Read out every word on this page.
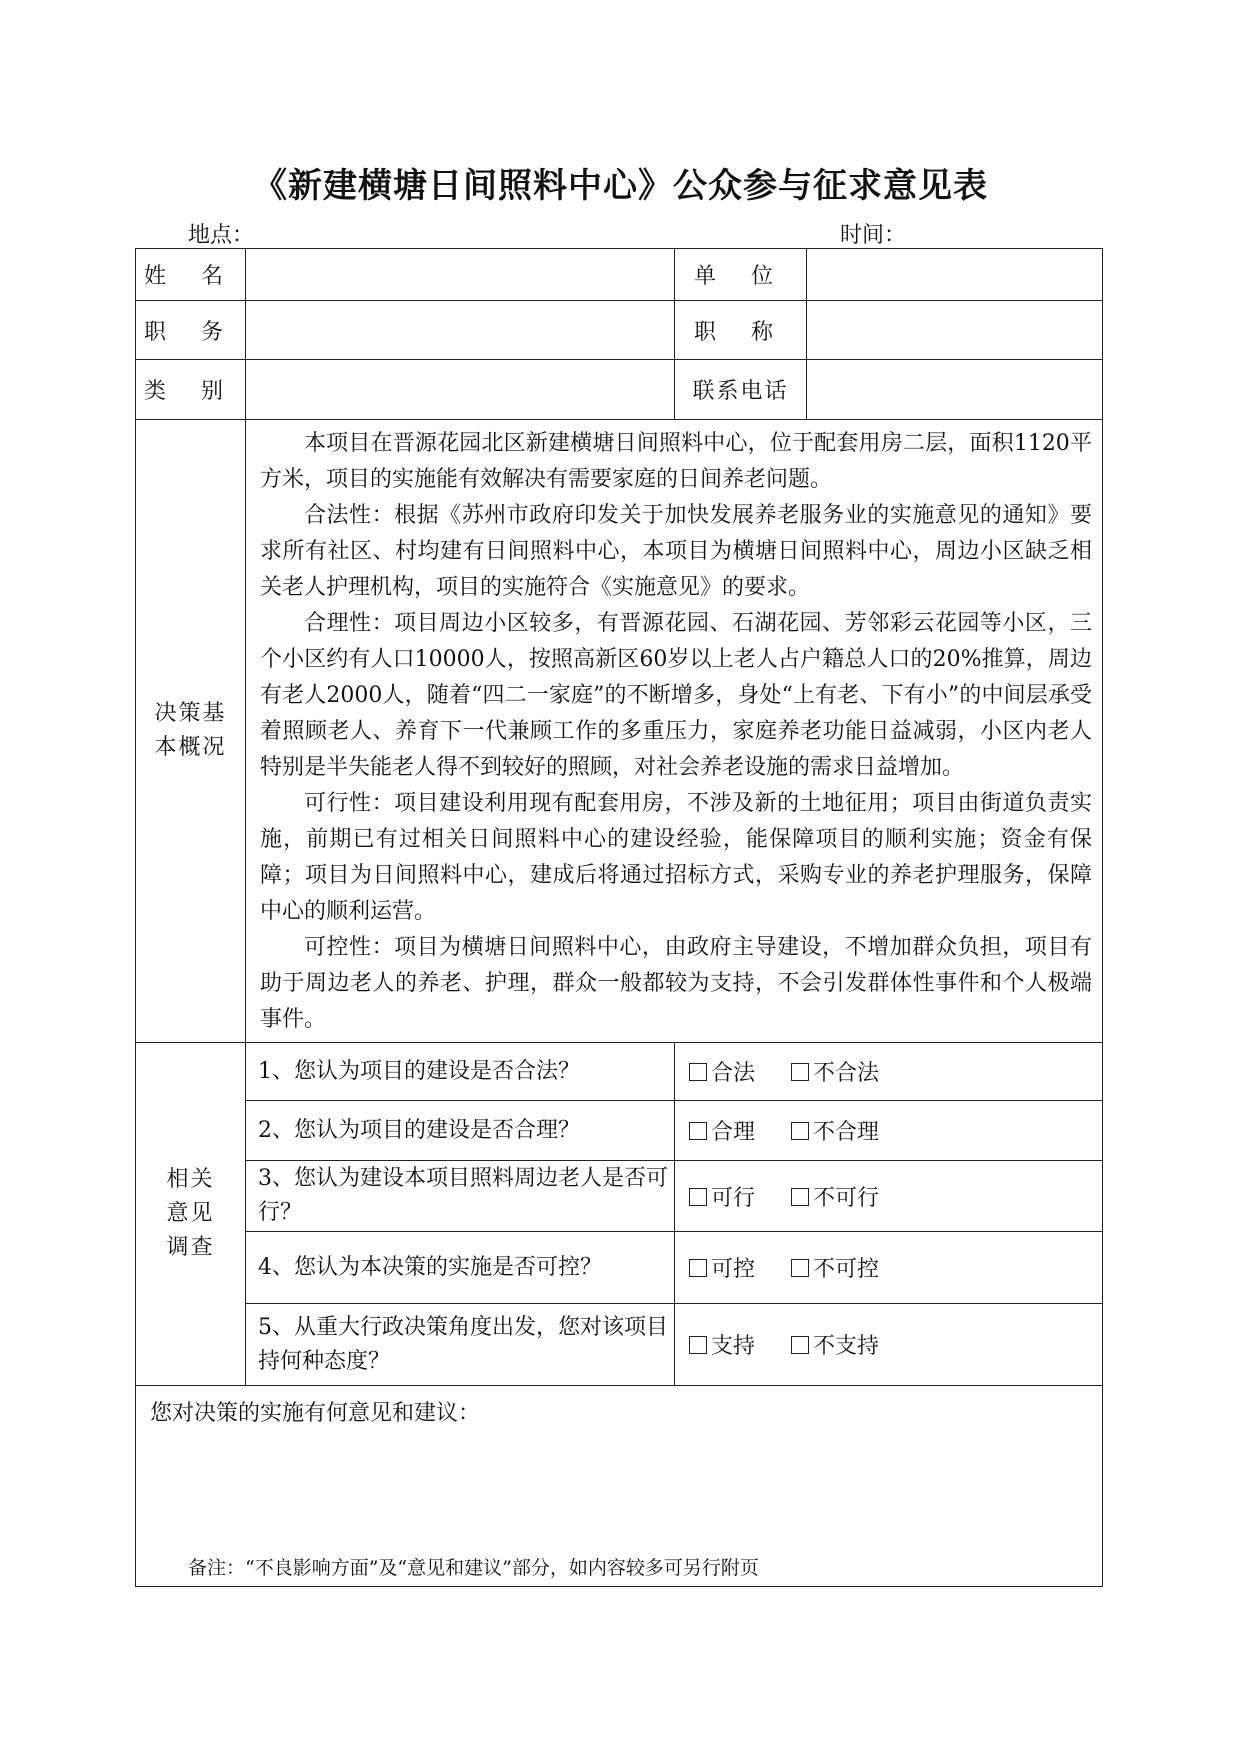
《新建横塘日间照料中心》公众参与征求意见表
地点：	时间：
姓 名		单 位	
职 务		职 称	
类 别		联系电话	
决策基本概况	本项目在晋源花园北区新建横塘日间照料中心，位于配套用房二层，面积1120平方米，项目的实施能有效解决有需要家庭的日间养老问题。

合法性：根据《苏州市政府印发关于加快发展养老服务业的实施意见的通知》要求所有社区、村均建有日间照料中心，本项目为横塘日间照料中心，周边小区缺乏相关老人护理机构，项目的实施符合《实施意见》的要求。

合理性：项目周边小区较多，有晋源花园、石湖花园、芳邻彩云花园等小区，三个小区约有人口10000人，按照高新区60岁以上老人占户籍总人口的20%推算，周边有老人2000人，随着“四二一家庭”的不断增多，身处“上有老、下有小”的中间层承受着照顾老人、养育下一代兼顾工作的多重压力，家庭养老功能日益减弱，小区内老人特别是半失能老人得不到较好的照顾，对社会养老设施的需求日益增加。

可行性：项目建设利用现有配套用房，不涉及新的土地征用；项目由街道负责实施，前期已有过相关日间照料中心的建设经验，能保障项目的顺利实施；资金有保障；项目为日间照料中心，建成后将通过招标方式，采购专业的养老护理服务，保障中心的顺利运营。

可控性：项目为横塘日间照料中心，由政府主导建设，不增加群众负担，项目有助于周边老人的养老、护理，群众一般都较为支持，不会引发群体性事件和个人极端事件。		

相关意见调查	1、您认为项目的建设是否合法？	合法 不合法	
	2、您认为项目的建设是否合理？	合理 不合理	
	3、您认为建设本项目照料周边老人是否可行？	可行 不可行	
	4、您认为本决策的实施是否可控？	可控 不可控	
	5、从重大行政决策角度出发，您对该项目持何种态度？	支持 不支持	
您对决策的实施有何意见和建议：			
备注：“不良影响方面”及“意见和建议”部分，如内容较多可另行附页
